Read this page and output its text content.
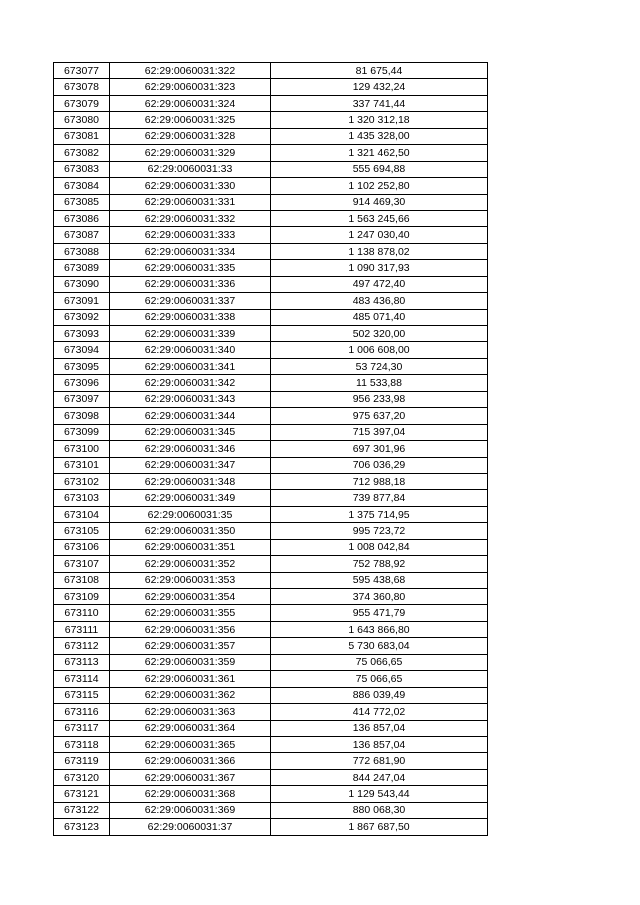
673077	62:29:0060031:322	81 675,44
673078	62:29:0060031:323	129 432,24
673079	62:29:0060031:324	337 741,44
673080	62:29:0060031:325	1 320 312,18
673081	62:29:0060031:328	1 435 328,00
673082	62:29:0060031:329	1 321 462,50
673083	62:29:0060031:33	555 694,88
673084	62:29:0060031:330	1 102 252,80
673085	62:29:0060031:331	914 469,30
673086	62:29:0060031:332	1 563 245,66
673087	62:29:0060031:333	1 247 030,40
673088	62:29:0060031:334	1 138 878,02
673089	62:29:0060031:335	1 090 317,93
673090	62:29:0060031:336	497 472,40
673091	62:29:0060031:337	483 436,80
673092	62:29:0060031:338	485 071,40
673093	62:29:0060031:339	502 320,00
673094	62:29:0060031:340	1 006 608,00
673095	62:29:0060031:341	53 724,30
673096	62:29:0060031:342	11 533,88
673097	62:29:0060031:343	956 233,98
673098	62:29:0060031:344	975 637,20
673099	62:29:0060031:345	715 397,04
673100	62:29:0060031:346	697 301,96
673101	62:29:0060031:347	706 036,29
673102	62:29:0060031:348	712 988,18
673103	62:29:0060031:349	739 877,84
673104	62:29:0060031:35	1 375 714,95
673105	62:29:0060031:350	995 723,72
673106	62:29:0060031:351	1 008 042,84
673107	62:29:0060031:352	752 788,92
673108	62:29:0060031:353	595 438,68
673109	62:29:0060031:354	374 360,80
673110	62:29:0060031:355	955 471,79
673111	62:29:0060031:356	1 643 866,80
673112	62:29:0060031:357	5 730 683,04
673113	62:29:0060031:359	75 066,65
673114	62:29:0060031:361	75 066,65
673115	62:29:0060031:362	886 039,49
673116	62:29:0060031:363	414 772,02
673117	62:29:0060031:364	136 857,04
673118	62:29:0060031:365	136 857,04
673119	62:29:0060031:366	772 681,90
673120	62:29:0060031:367	844 247,04
673121	62:29:0060031:368	1 129 543,44
673122	62:29:0060031:369	880 068,30
673123	62:29:0060031:37	1 867 687,50
